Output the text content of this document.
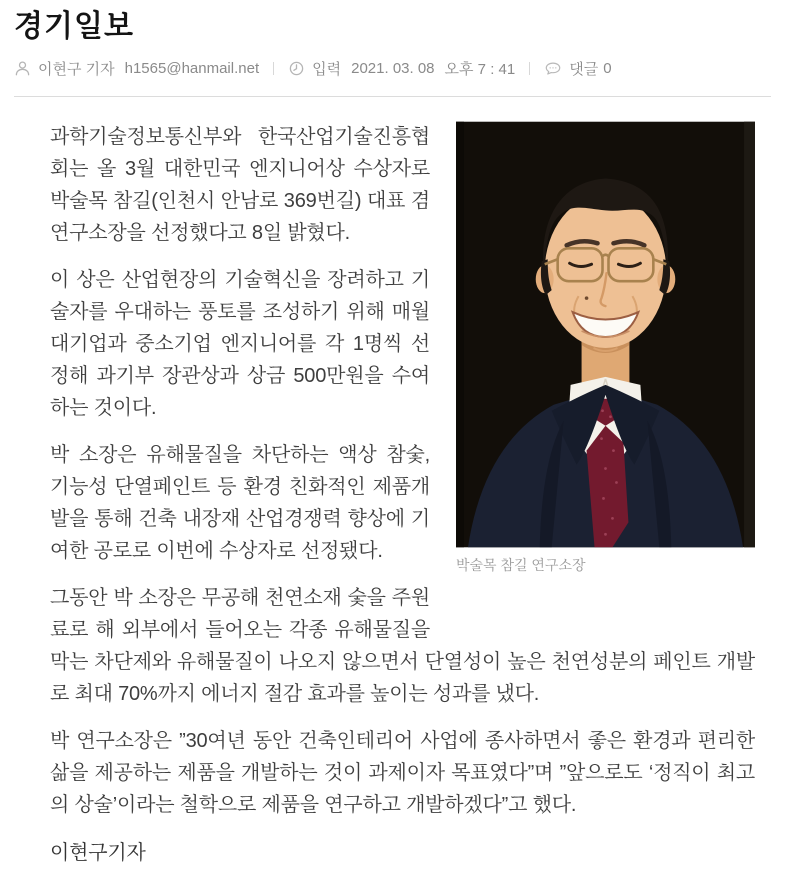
경기일보
이현구 기자 h1565@hanmail.net	입력 2021. 03. 08 오후 7 : 41	댓글 0
박술목 참길 연구소장

과학기술정보통신부와 한국산업기술진흥협회는 올 3월 대한민국 엔지니어상 수상자로 박술목 참길(인천시 안남로 369번길) 대표 겸 연구소장을 선정했다고 8일 밝혔다.

이 상은 산업현장의 기술혁신을 장려하고 기술자를 우대하는 풍토를 조성하기 위해 매월 대기업과 중소기업 엔지니어를 각 1명씩 선정해 과기부 장관상과 상금 500만원을 수여하는 것이다.

박 소장은 유해물질을 차단하는 액상 참숯, 기능성 단열페인트 등 환경 친화적인 제품개발을 통해 건축 내장재 산업경쟁력 향상에 기여한 공로로 이번에 수상자로 선정됐다.

그동안 박 소장은 무공해 천연소재 숯을 주원료로 해 외부에서 들어오는 각종 유해물질을 막는 차단제와 유해물질이 나오지 않으면서 단열성이 높은 천연성분의 페인트 개발로 최대 70%까지 에너지 절감 효과를 높이는 성과를 냈다.

박 연구소장은 ”30여년 동안 건축인테리어 사업에 종사하면서 좋은 환경과 편리한 삶을 제공하는 제품을 개발하는 것이 과제이자 목표였다”며 ”앞으로도 ‘정직이 최고의 상술’이라는 철학으로 제품을 연구하고 개발하겠다”고 했다.

이현구기자
